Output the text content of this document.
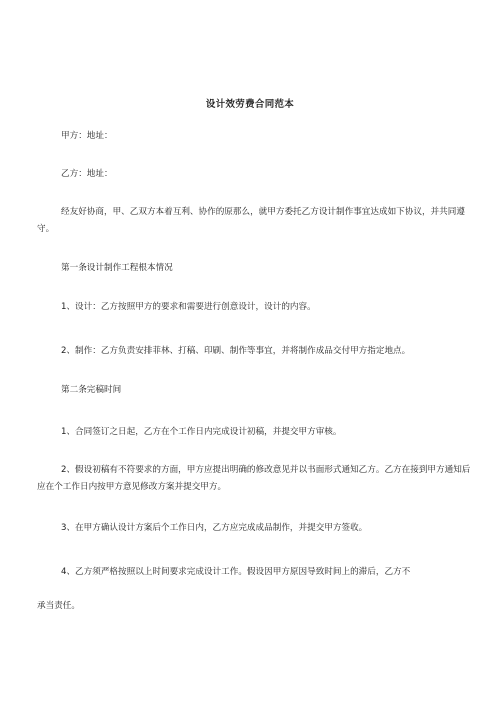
设计效劳费合同范本

甲方：地址：

乙方：地址：

经友好协商，甲、乙双方本着互利、协作的原那么，就甲方委托乙方设计制作事宜达成如下协议，并共同遵守。

第一条设计制作工程根本情况

1、设计：乙方按照甲方的要求和需要进行创意设计，设计的内容。

2、制作：乙方负责安排菲林、打稿、印刷、制作等事宜，并将制作成品交付甲方指定地点。

第二条完稿时间

1、合同签订之日起，乙方在个工作日内完成设计初稿，并提交甲方审核。

2、假设初稿有不符要求的方面，甲方应提出明确的修改意见并以书面形式通知乙方。乙方在接到甲方通知后应在个工作日内按甲方意见修改方案并提交甲方。

3、在甲方确认设计方案后个工作日内，乙方应完成成品制作，并提交甲方签收。

4、乙方须严格按照以上时间要求完成设计工作。假设因甲方原因导致时间上的滞后，乙方不

承当责任。
